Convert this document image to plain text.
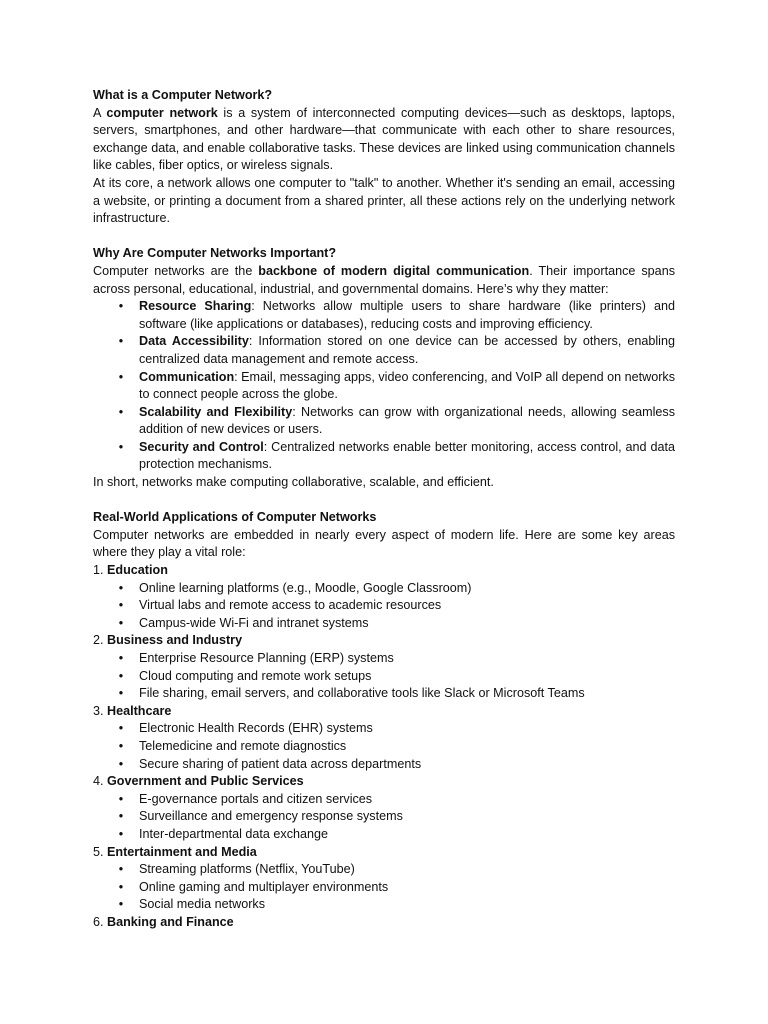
What is a Computer Network?

A computer network is a system of interconnected computing devices—such as desktops, laptops, servers, smartphones, and other hardware—that communicate with each other to share resources, exchange data, and enable collaborative tasks. These devices are linked using communication channels like cables, fiber optics, or wireless signals.

At its core, a network allows one computer to "talk" to another. Whether it's sending an email, accessing a website, or printing a document from a shared printer, all these actions rely on the underlying network infrastructure.

Why Are Computer Networks Important?

Computer networks are the backbone of modern digital communication. Their importance spans across personal, educational, industrial, and governmental domains. Here’s why they matter:

• Resource Sharing: Networks allow multiple users to share hardware (like printers) and software (like applications or databases), reducing costs and improving efficiency.
• Data Accessibility: Information stored on one device can be accessed by others, enabling centralized data management and remote access.
• Communication: Email, messaging apps, video conferencing, and VoIP all depend on networks to connect people across the globe.
• Scalability and Flexibility: Networks can grow with organizational needs, allowing seamless addition of new devices or users.
• Security and Control: Centralized networks enable better monitoring, access control, and data protection mechanisms.

In short, networks make computing collaborative, scalable, and efficient.

Real-World Applications of Computer Networks

Computer networks are embedded in nearly every aspect of modern life. Here are some key areas where they play a vital role:

1. Education

• Online learning platforms (e.g., Moodle, Google Classroom)
• Virtual labs and remote access to academic resources
• Campus-wide Wi-Fi and intranet systems

2. Business and Industry

• Enterprise Resource Planning (ERP) systems
• Cloud computing and remote work setups
• File sharing, email servers, and collaborative tools like Slack or Microsoft Teams

3. Healthcare

• Electronic Health Records (EHR) systems
• Telemedicine and remote diagnostics
• Secure sharing of patient data across departments

4. Government and Public Services

• E-governance portals and citizen services
• Surveillance and emergency response systems
• Inter-departmental data exchange

5. Entertainment and Media

• Streaming platforms (Netflix, YouTube)
• Online gaming and multiplayer environments
• Social media networks

6. Banking and Finance
